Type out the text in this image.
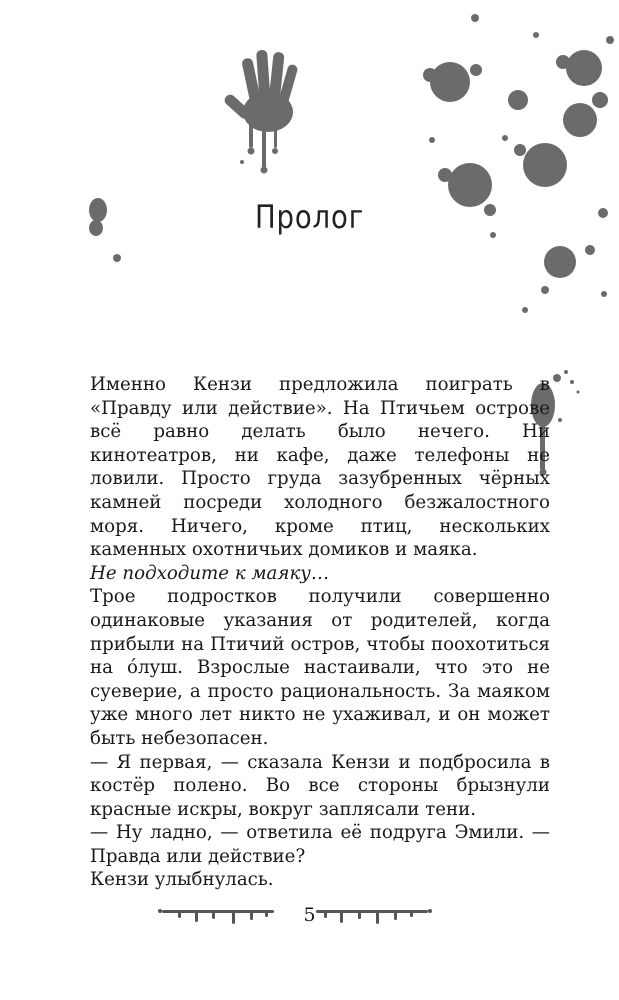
Пролог

Именно Кензи предложила поиграть в «Правду или действие». На Птичьем острове всё равно делать было нечего. Ни кинотеатров, ни кафе, даже телефоны не ловили. Просто груда зазубренных чёрных камней посреди холодного безжалостного моря. Ничего, кроме птиц, нескольких каменных охотничьих домиков и маяка.

Не подходите к маяку…

Трое подростков получили совершенно одинаковые указания от родителей, когда прибыли на Птичий остров, чтобы поохотиться на óлуш. Взрослые настаивали, что это не суеверие, а просто рациональность. За маяком уже много лет никто не ухаживал, и он может быть небезопасен.

— Я первая, — сказала Кензи и подбросила в костёр полено. Во все стороны брызнули красные искры, вокруг заплясали тени.

— Ну ладно, — ответила её подруга Эмили. — Правда или действие?

Кензи улыбнулась.

5
